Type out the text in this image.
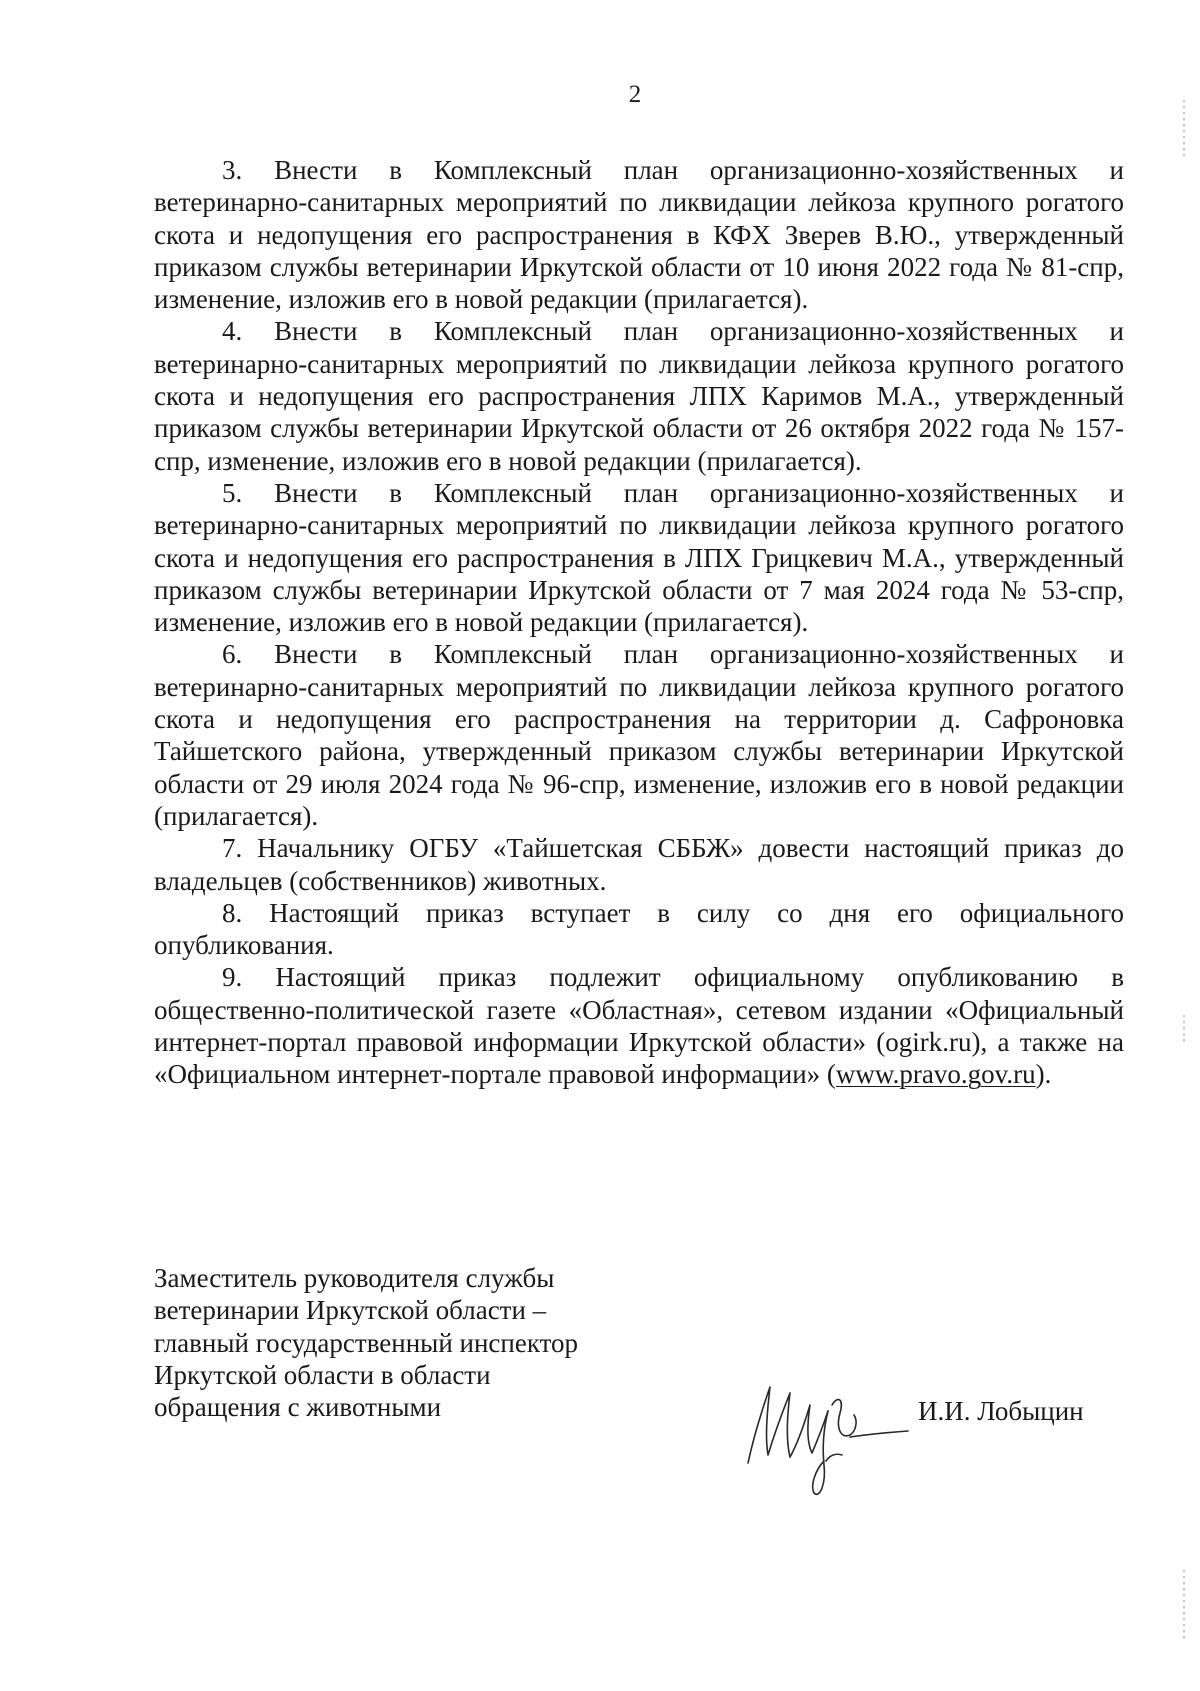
2

3. Внести в Комплексный план организационно-хозяйственных и ветеринарно-санитарных мероприятий по ликвидации лейкоза крупного рогатого скота и недопущения его распространения в КФХ Зверев В.Ю., утвержденный приказом службы ветеринарии Иркутской области от 10 июня 2022 года № 81-спр, изменение, изложив его в новой редакции (прилагается).

4. Внести в Комплексный план организационно-хозяйственных и ветеринарно-санитарных мероприятий по ликвидации лейкоза крупного рогатого скота и недопущения его распространения ЛПХ Каримов М.А., утвержденный приказом службы ветеринарии Иркутской области от 26 октября 2022 года № 157-спр, изменение, изложив его в новой редакции (прилагается).

5. Внести в Комплексный план организационно-хозяйственных и ветеринарно-санитарных мероприятий по ликвидации лейкоза крупного рогатого скота и недопущения его распространения в ЛПХ Грицкевич М.А., утвержденный приказом службы ветеринарии Иркутской области от 7 мая 2024 года № 53-спр, изменение, изложив его в новой редакции (прилагается).

6. Внести в Комплексный план организационно-хозяйственных и ветеринарно-санитарных мероприятий по ликвидации лейкоза крупного рогатого скота и недопущения его распространения на территории д. Сафроновка Тайшетского района, утвержденный приказом службы ветеринарии Иркутской области от 29 июля 2024 года № 96-спр, изменение, изложив его в новой редакции (прилагается).

7. Начальнику ОГБУ «Тайшетская СББЖ» довести настоящий приказ до владельцев (собственников) животных.

8. Настоящий приказ вступает в силу со дня его официального опубликования.

9. Настоящий приказ подлежит официальному опубликованию в общественно-политической газете «Областная», сетевом издании «Официальный интернет-портал правовой информации Иркутской области» (ogirk.ru), а также на «Официальном интернет-портале правовой информации» (www.pravo.gov.ru).

Заместитель руководителя службы
ветеринарии Иркутской области –
главный государственный инспектор
Иркутской области в области
обращения с животными	И.И. Лобыцин
